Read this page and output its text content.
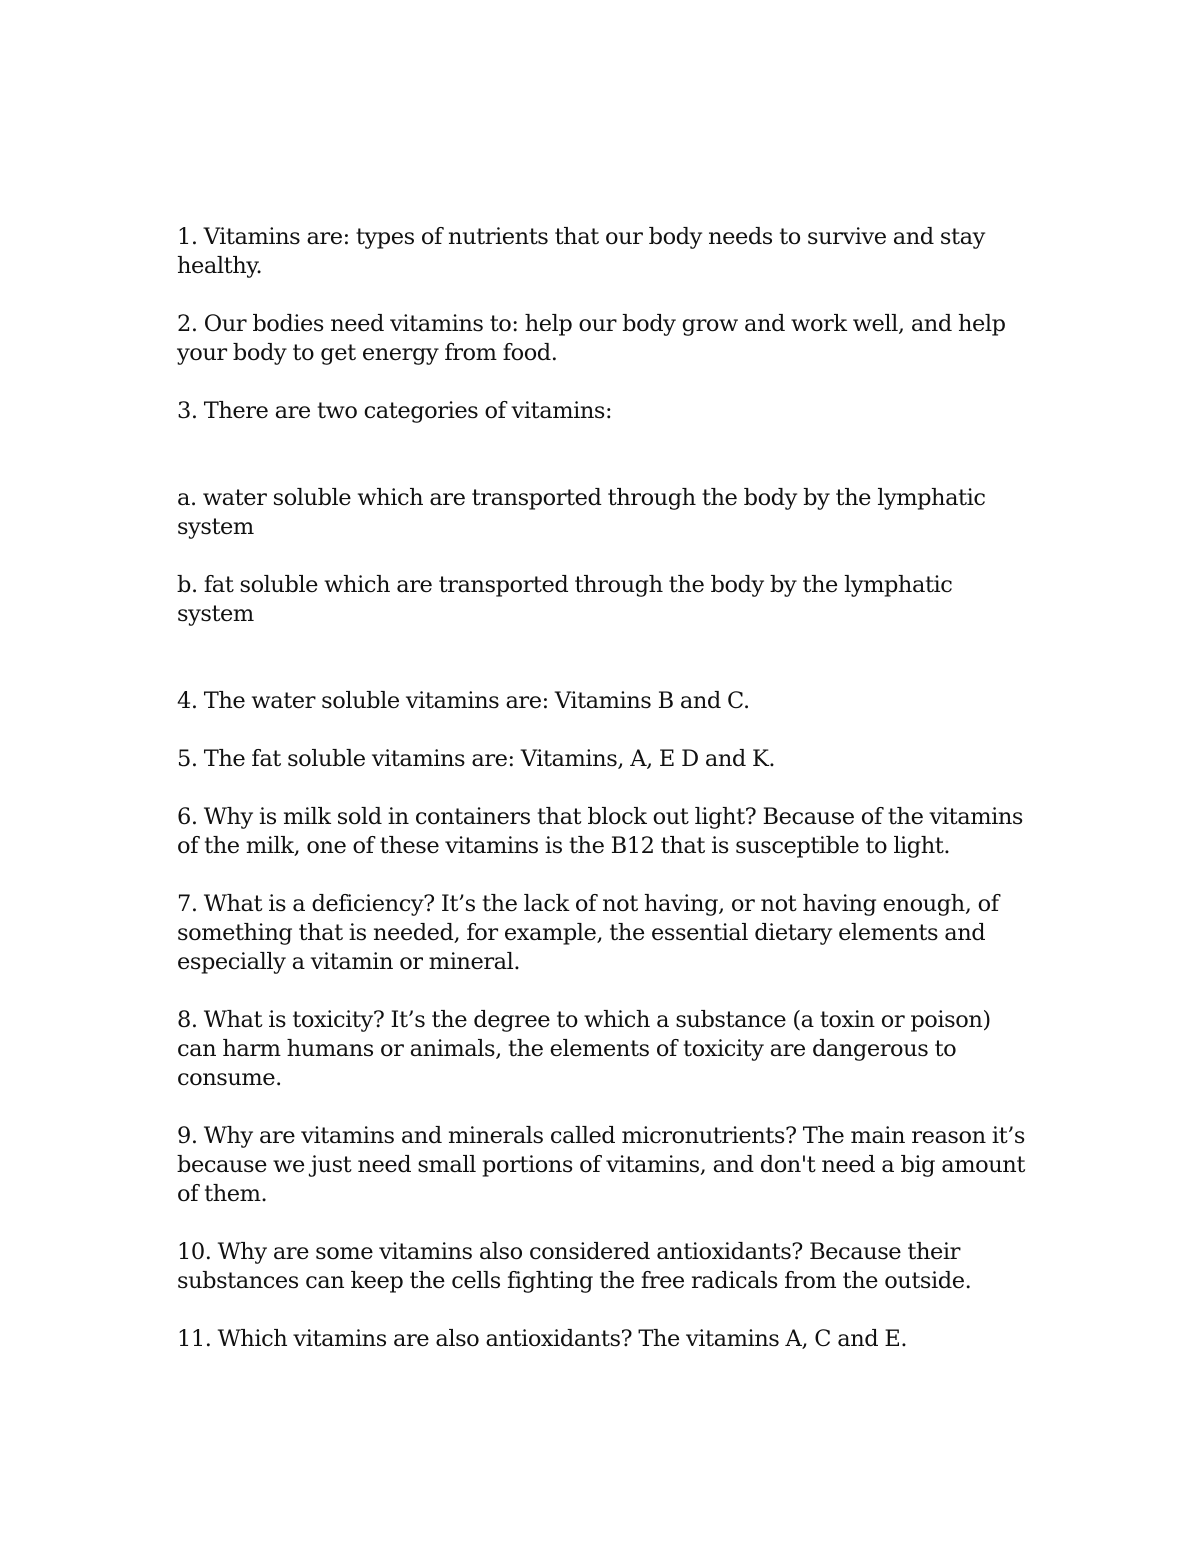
1. Vitamins are: types of nutrients that our body needs to survive and stay healthy.

2. Our bodies need vitamins to: help our body grow and work well, and help your body to get energy from food.

3. There are two categories of vitamins:

a. water soluble which are transported through the body by the lymphatic system

b. fat soluble which are transported through the body by the lymphatic system

4. The water soluble vitamins are: Vitamins B and C.

5. The fat soluble vitamins are: Vitamins, A, E D and K.

6. Why is milk sold in containers that block out light? Because of the vitamins of the milk, one of these vitamins is the B12 that is susceptible to light.

7. What is a deficiency? It’s the lack of not having, or not having enough, of something that is needed, for example, the essential dietary elements and especially a vitamin or mineral.

8. What is toxicity? It’s the degree to which a substance (a toxin or poison) can harm humans or animals, the elements of toxicity are dangerous to consume.

9. Why are vitamins and minerals called micronutrients? The main reason it’s because we just need small portions of vitamins, and don't need a big amount of them.

10. Why are some vitamins also considered antioxidants? Because their substances can keep the cells fighting the free radicals from the outside.

11. Which vitamins are also antioxidants? The vitamins A, C and E.
